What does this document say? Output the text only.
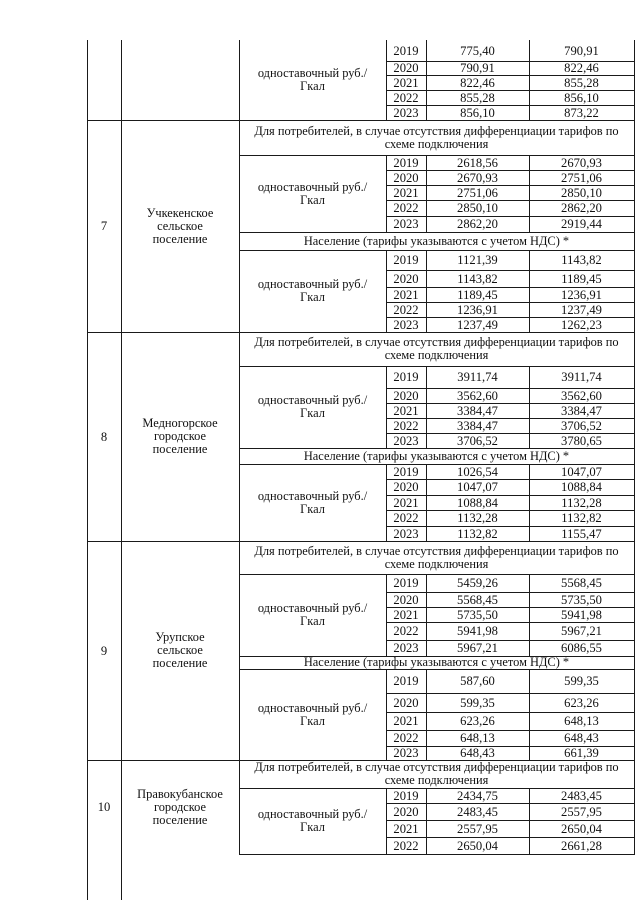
одноставочный руб./Гкал
2019	775,40	790,91
2020	790,91	822,46
2021	822,46	855,28
2022	855,28	856,10
2023	856,10	873,22
7
Учкекенское сельское поселение
Для потребителей, в случае отсутствия дифференциации тарифов по схеме подключения
одноставочный руб./Гкал
2019	2618,56	2670,93
2020	2670,93	2751,06
2021	2751,06	2850,10
2022	2850,10	2862,20
2023	2862,20	2919,44
Население (тарифы указываются с учетом НДС) *
одноставочный руб./Гкал
2019	1121,39	1143,82
2020	1143,82	1189,45
2021	1189,45	1236,91
2022	1236,91	1237,49
2023	1237,49	1262,23
8
Медногорское городское поселение
Для потребителей, в случае отсутствия дифференциации тарифов по схеме подключения
одноставочный руб./Гкал
2019	3911,74	3911,74
2020	3562,60	3562,60
2021	3384,47	3384,47
2022	3384,47	3706,52
2023	3706,52	3780,65
Население (тарифы указываются с учетом НДС) *
одноставочный руб./Гкал
2019	1026,54	1047,07
2020	1047,07	1088,84
2021	1088,84	1132,28
2022	1132,28	1132,82
2023	1132,82	1155,47
9
Урупское сельское поселение
Для потребителей, в случае отсутствия дифференциации тарифов по схеме подключения
одноставочный руб./Гкал
2019	5459,26	5568,45
2020	5568,45	5735,50
2021	5735,50	5941,98
2022	5941,98	5967,21
2023	5967,21	6086,55
Население (тарифы указываются с учетом НДС) *
одноставочный руб./Гкал
2019	587,60	599,35
2020	599,35	623,26
2021	623,26	648,13
2022	648,13	648,43
2023	648,43	661,39
10
Правокубанское городское поселение
Для потребителей, в случае отсутствия дифференциации тарифов по схеме подключения
одноставочный руб./Гкал
2019	2434,75	2483,45
2020	2483,45	2557,95
2021	2557,95	2650,04
2022	2650,04	2661,28
